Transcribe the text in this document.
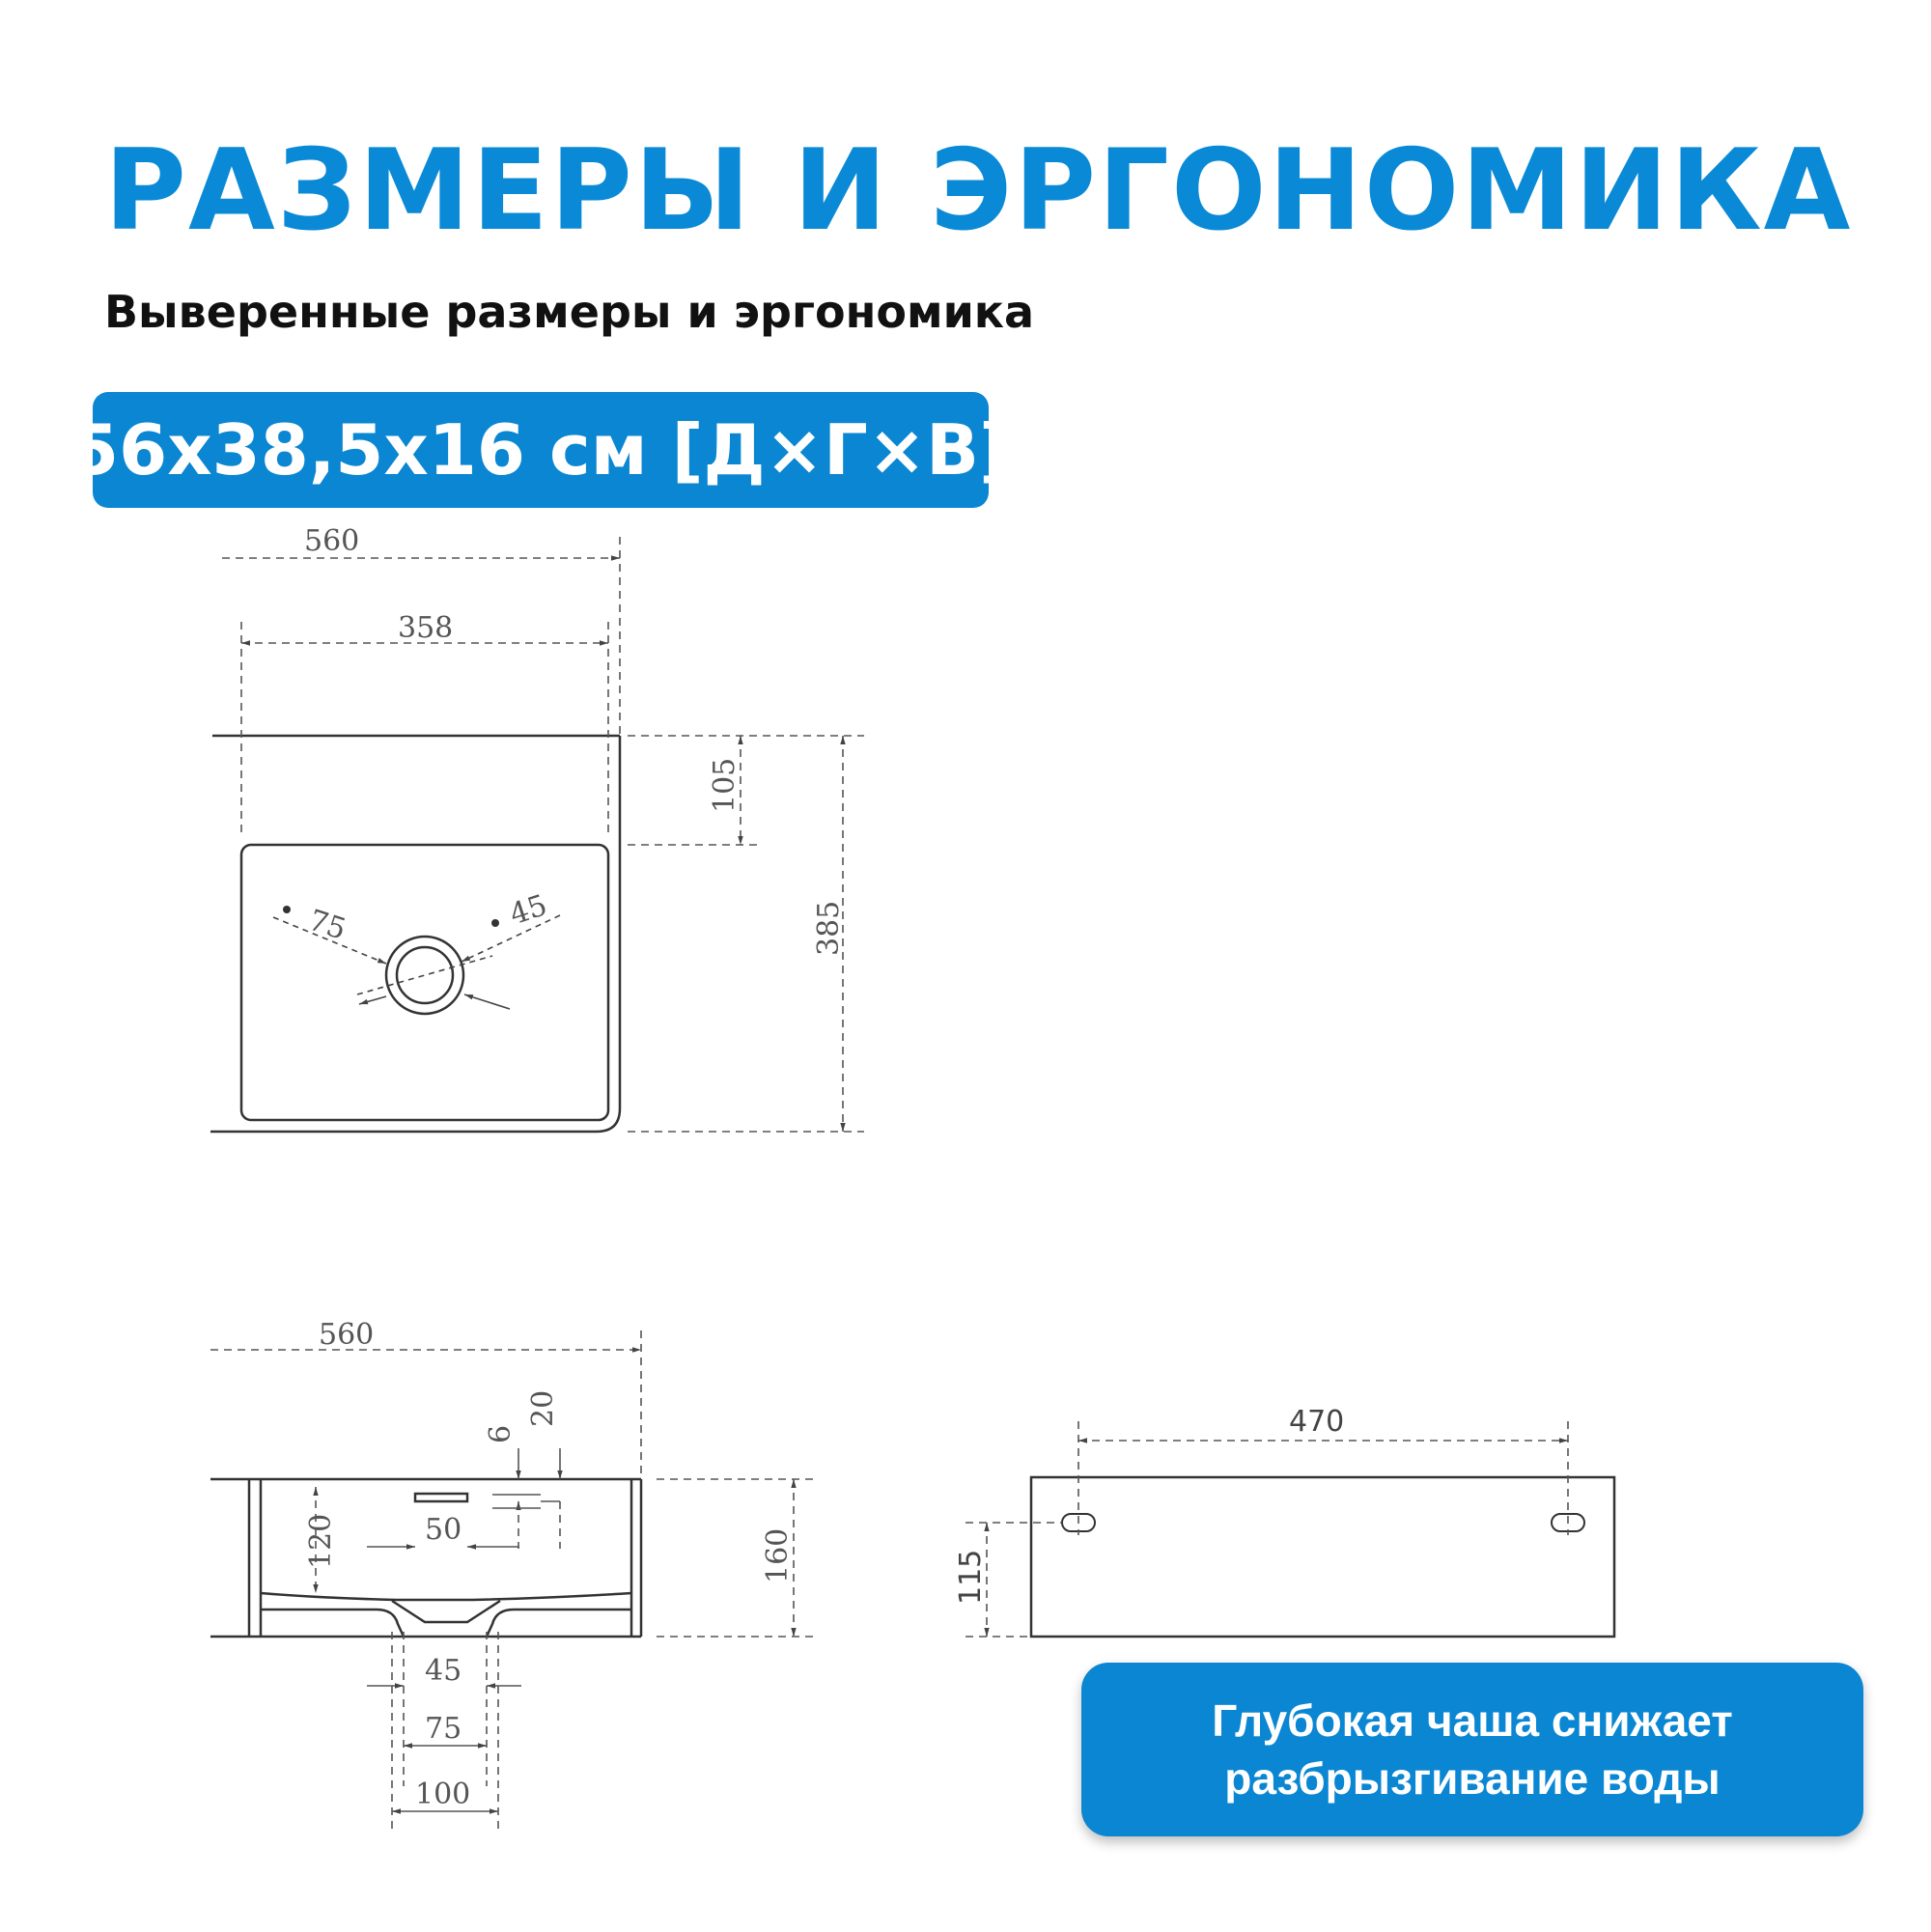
РАЗМЕРЫ И ЭРГОНОМИКА
Выверенные размеры и эргономика
56x38,5x16 см [Д×Г×В]
75	45
560
358
105
385
560
20
6
50
120	160
45
75
100
470
115
Глубокая чаша снижает
разбрызгивание воды
